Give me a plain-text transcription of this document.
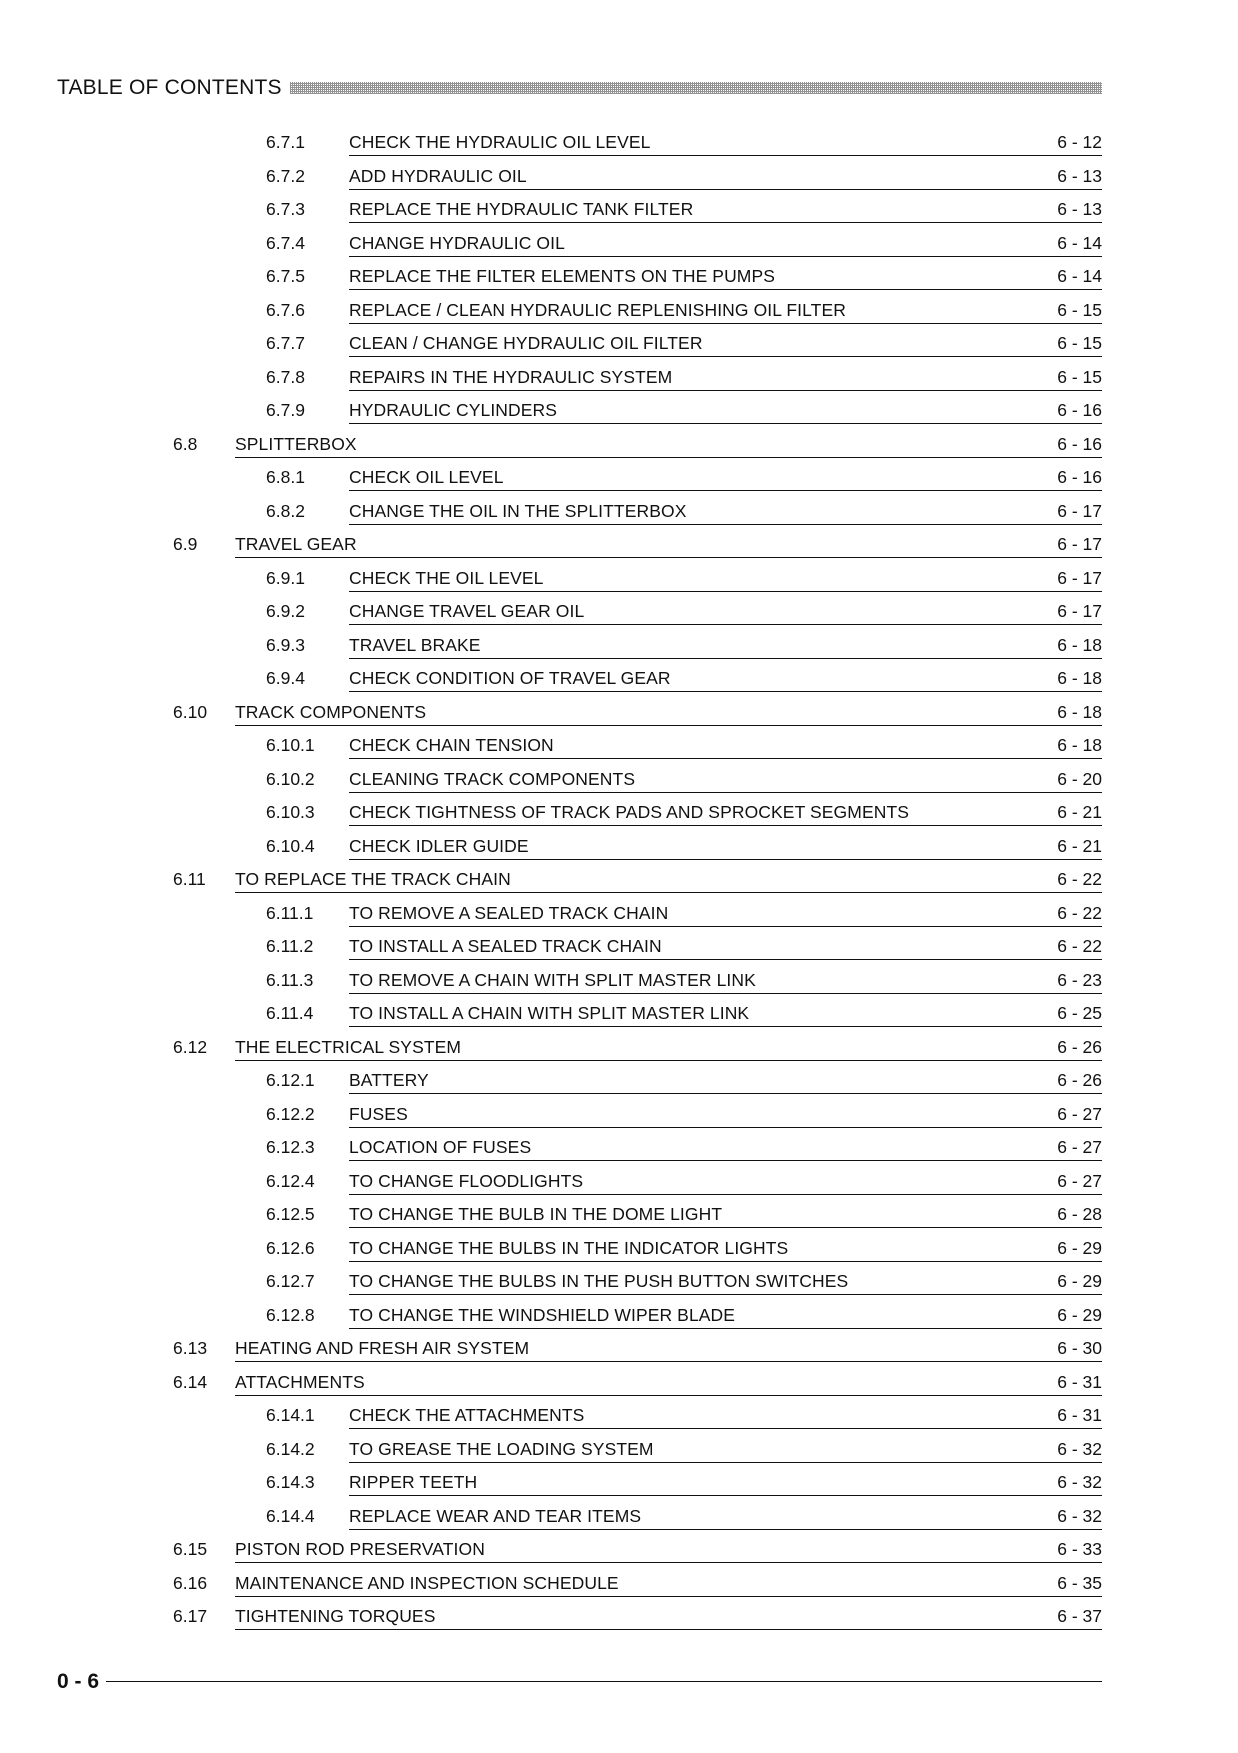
TABLE OF CONTENTS
6.7.1	CHECK THE HYDRAULIC OIL LEVEL	6 - 12
6.7.2	ADD HYDRAULIC OIL	6 - 13
6.7.3	REPLACE THE HYDRAULIC TANK FILTER	6 - 13
6.7.4	CHANGE HYDRAULIC OIL	6 - 14
6.7.5	REPLACE THE FILTER ELEMENTS ON THE PUMPS	6 - 14
6.7.6	REPLACE / CLEAN HYDRAULIC REPLENISHING OIL FILTER	6 - 15
6.7.7	CLEAN / CHANGE HYDRAULIC OIL FILTER	6 - 15
6.7.8	REPAIRS IN THE HYDRAULIC SYSTEM	6 - 15
6.7.9	HYDRAULIC CYLINDERS	6 - 16
6.8 SPLITTERBOX	6 - 16
6.8.1	CHECK OIL LEVEL	6 - 16
6.8.2	CHANGE THE OIL IN THE SPLITTERBOX	6 - 17
6.9 TRAVEL GEAR	6 - 17
6.9.1	CHECK THE OIL LEVEL	6 - 17
6.9.2	CHANGE TRAVEL GEAR OIL	6 - 17
6.9.3	TRAVEL BRAKE	6 - 18
6.9.4	CHECK CONDITION OF TRAVEL GEAR	6 - 18
6.10 TRACK COMPONENTS	6 - 18
6.10.1 CHECK CHAIN TENSION	6 - 18
6.10.2 CLEANING TRACK COMPONENTS	6 - 20
6.10.3 CHECK TIGHTNESS OF TRACK PADS AND SPROCKET SEGMENTS	6 - 21
6.10.4 CHECK IDLER GUIDE	6 - 21
6.11 TO REPLACE THE TRACK CHAIN	6 - 22
6.11.1 TO REMOVE A SEALED TRACK CHAIN	6 - 22
6.11.2 TO INSTALL A SEALED TRACK CHAIN	6 - 22
6.11.3 TO REMOVE A CHAIN WITH SPLIT MASTER LINK	6 - 23
6.11.4 TO INSTALL A CHAIN WITH SPLIT MASTER LINK	6 - 25
6.12 THE ELECTRICAL SYSTEM	6 - 26
6.12.1 BATTERY	6 - 26
6.12.2 FUSES	6 - 27
6.12.3 LOCATION OF FUSES	6 - 27
6.12.4 TO CHANGE FLOODLIGHTS	6 - 27
6.12.5 TO CHANGE THE BULB IN THE DOME LIGHT	6 - 28
6.12.6 TO CHANGE THE BULBS IN THE INDICATOR LIGHTS	6 - 29
6.12.7 TO CHANGE THE BULBS IN THE PUSH BUTTON SWITCHES	6 - 29
6.12.8 TO CHANGE THE WINDSHIELD WIPER BLADE	6 - 29
6.13 HEATING AND FRESH AIR SYSTEM	6 - 30
6.14 ATTACHMENTS	6 - 31
6.14.1 CHECK THE ATTACHMENTS	6 - 31
6.14.2 TO GREASE THE LOADING SYSTEM	6 - 32
6.14.3 RIPPER TEETH	6 - 32
6.14.4 REPLACE WEAR AND TEAR ITEMS	6 - 32
6.15 PISTON ROD PRESERVATION	6 - 33
6.16 MAINTENANCE AND INSPECTION SCHEDULE	6 - 35
6.17 TIGHTENING TORQUES	6 - 37
0 - 6
